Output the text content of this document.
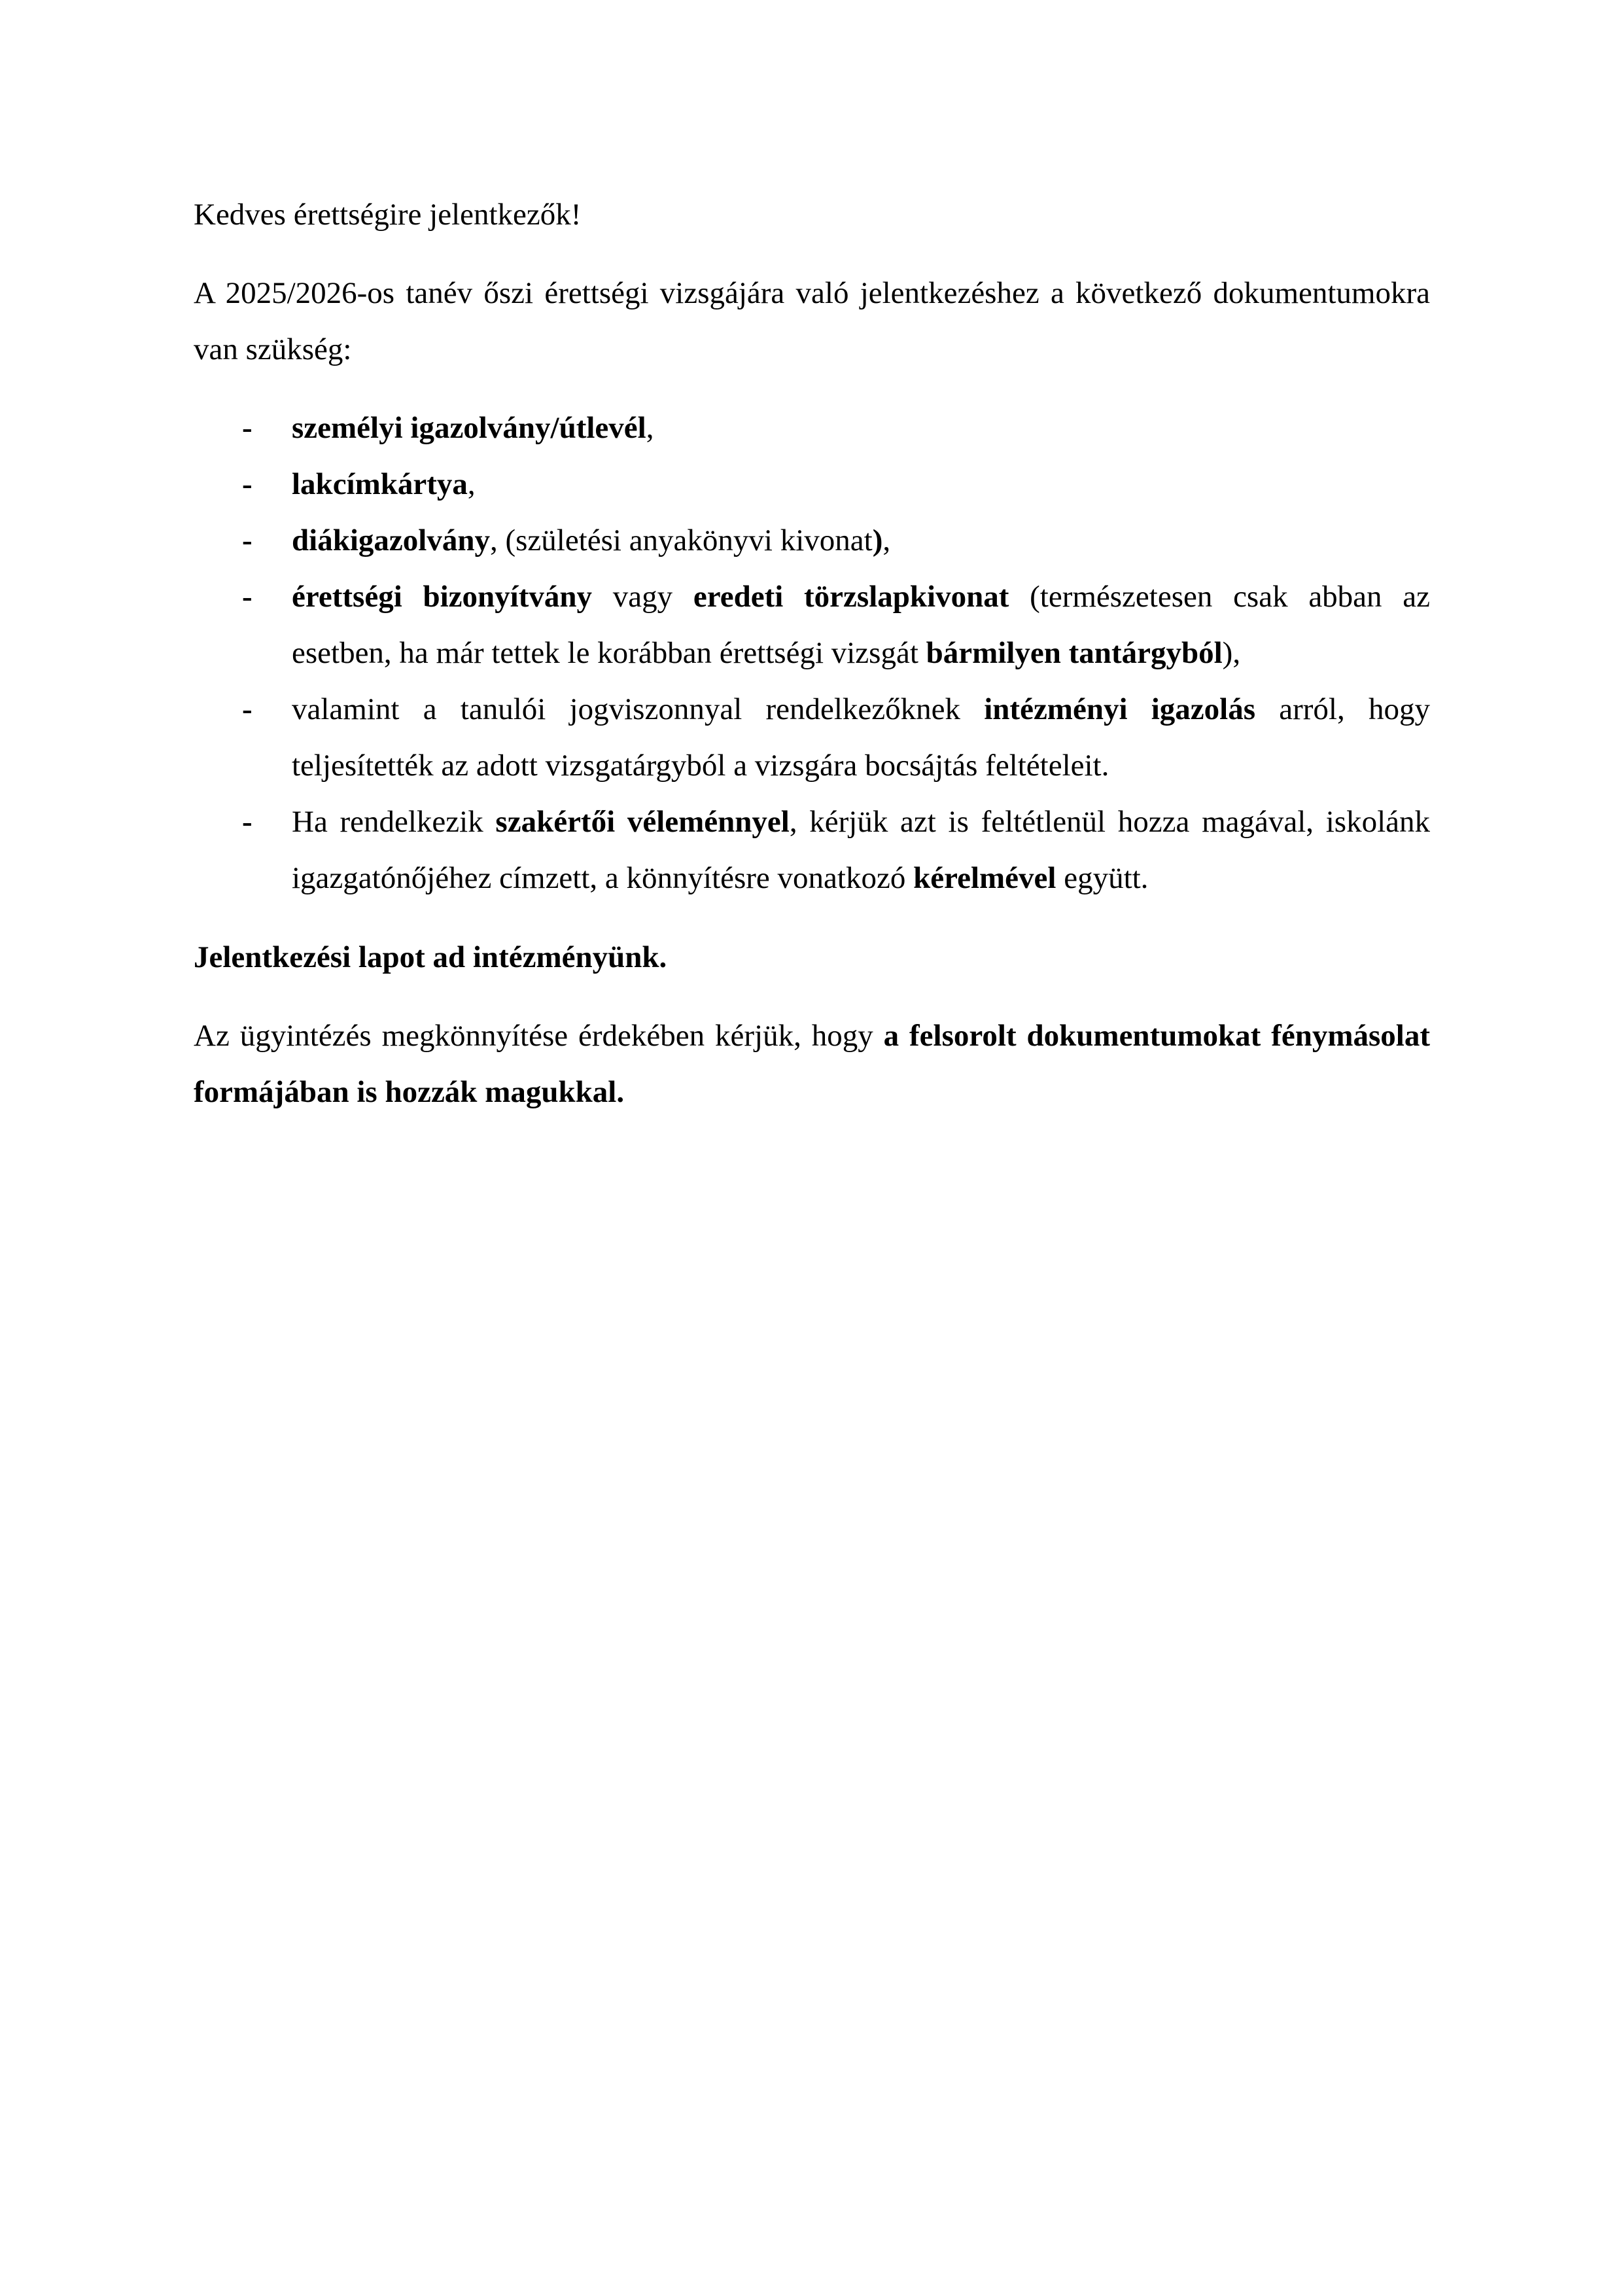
Kedves érettségire jelentkezők!

A 2025/2026-os tanév őszi érettségi vizsgájára való jelentkezéshez a következő dokumentumokra van szükség:

- személyi igazolvány/útlevél,
- lakcímkártya,
- diákigazolvány, (születési anyakönyvi kivonat),
- érettségi bizonyítvány vagy eredeti törzslapkivonat (természetesen csak abban az esetben, ha már tettek le korábban érettségi vizsgát bármilyen tantárgyból),
- valamint a tanulói jogviszonnyal rendelkezőknek intézményi igazolás arról, hogy teljesítették az adott vizsgatárgyból a vizsgára bocsájtás feltételeit.
- Ha rendelkezik szakértői véleménnyel, kérjük azt is feltétlenül hozza magával, iskolánk igazgatónőjéhez címzett, a könnyítésre vonatkozó kérelmével együtt.

Jelentkezési lapot ad intézményünk.

Az ügyintézés megkönnyítése érdekében kérjük, hogy a felsorolt dokumentumokat fénymásolat formájában is hozzák magukkal.
